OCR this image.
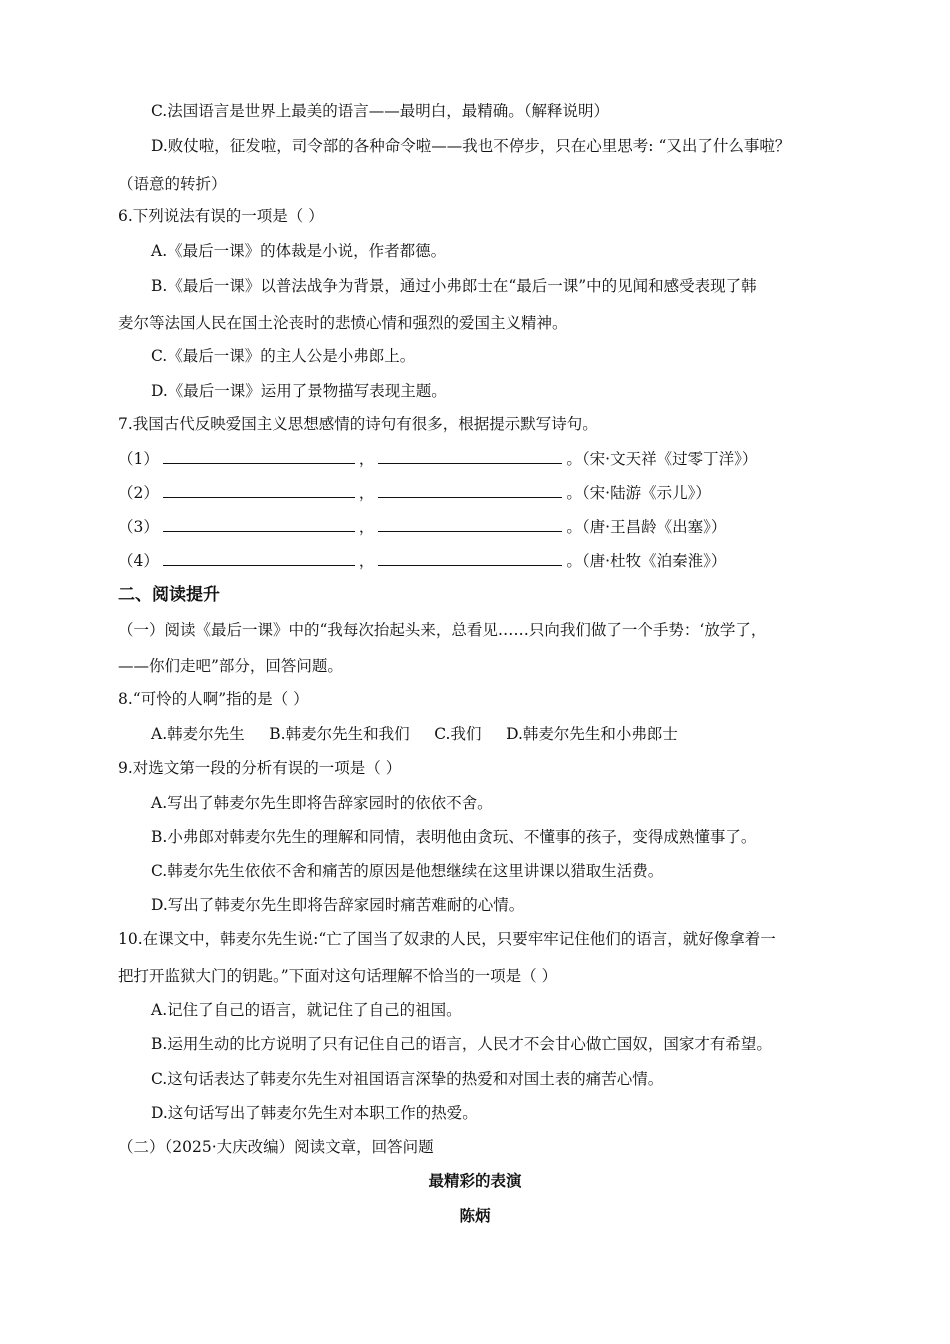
C.法国语言是世界上最美的语言——最明白，最精确。（解释说明）
D.败仗啦，征发啦，司令部的各种命令啦——我也不停步，只在心里思考: “又出了什么事啦？
（语意的转折）
6.下列说法有误的一项是（ ）
A.《最后一课》的体裁是小说，作者都德。
B.《最后一课》以普法战争为背景，通过小弗郎士在“最后一课”中的见闻和感受表现了韩
麦尔等法国人民在国土沦丧时的悲愤心情和强烈的爱国主义精神。
C.《最后一课》的主人公是小弗郎上。
D.《最后一课》运用了景物描写表现主题。
7.我国古代反映爱国主义思想感情的诗句有很多，根据提示默写诗句。
（1）	，	。（宋·文天祥《过零丁洋》）
（2）	，	。（宋·陆游《示儿》）
（3）	，	。（唐·王昌龄《出塞》）
（4）	，	。（唐·杜牧《泊秦淮》）
二、阅读提升
（一）阅读《最后一课》中的“我每次抬起头来，总看见……只向我们做了一个手势：‘放学了，
——你们走吧”部分，回答问题。
8.“可怜的人啊”指的是（ ）
A.韩麦尔先生     B.韩麦尔先生和我们     C.我们     D.韩麦尔先生和小弗郎士
9.对选文第一段的分析有误的一项是（ ）
A.写出了韩麦尔先生即将告辞家园时的依依不舍。
B.小弗郎对韩麦尔先生的理解和同情，表明他由贪玩、不懂事的孩子，变得成熟懂事了。
C.韩麦尔先生依依不舍和痛苦的原因是他想继续在这里讲课以猎取生活费。
D.写出了韩麦尔先生即将告辞家园时痛苦难耐的心情。
10.在课文中，韩麦尔先生说:“亡了国当了奴隶的人民，只要牢牢记住他们的语言，就好像拿着一
把打开监狱大门的钥匙。”下面对这句话理解不恰当的一项是（ ）
A.记住了自己的语言，就记住了自己的祖国。
B.运用生动的比方说明了只有记住自己的语言，人民才不会甘心做亡国奴，国家才有希望。
C.这句话表达了韩麦尔先生对祖国语言深挚的热爱和对国土表的痛苦心情。
D.这句话写出了韩麦尔先生对本职工作的热爱。
（二）（2025·大庆改编）阅读文章，回答问题
最精彩的表演
陈炳
